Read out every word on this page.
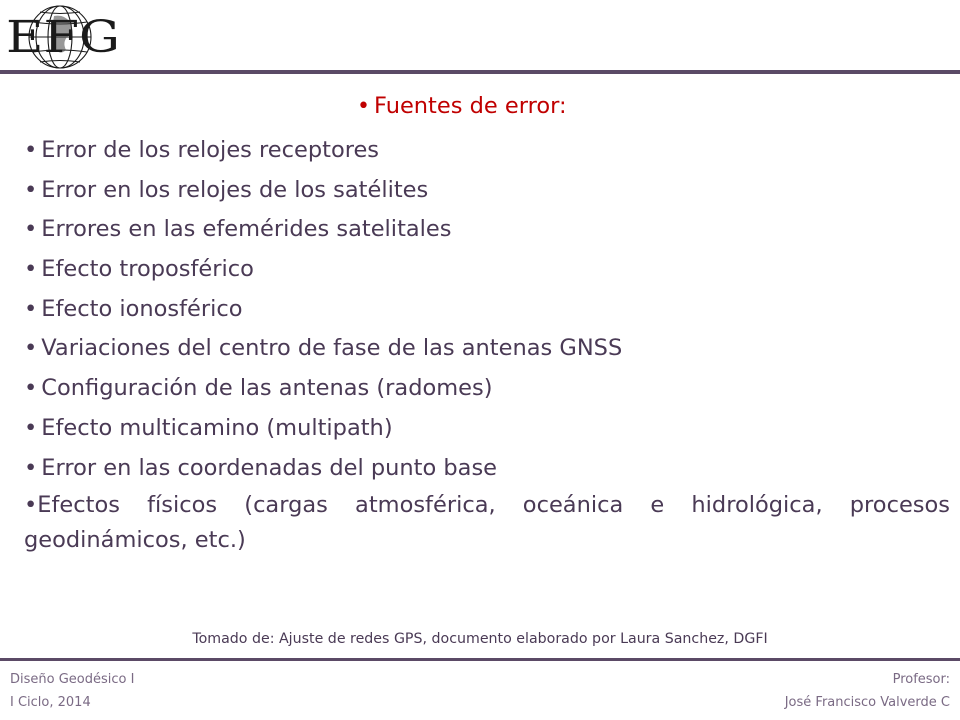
EFG
• Fuentes de error:
• Error de los relojes receptores
• Error en los relojes de los satélites
• Errores en las efemérides satelitales
• Efecto troposférico
• Efecto ionosférico
• Variaciones del centro de fase de las antenas GNSS
• Configuración de las antenas (radomes)
• Efecto multicamino (multipath)
• Error en las coordenadas del punto base
•Efectos físicos (cargas atmosférica, oceánica e hidrológica, procesos geodinámicos, etc.)
Tomado de: Ajuste de redes GPS, documento elaborado por Laura Sanchez, DGFI
Diseño Geodésico I
I Ciclo, 2014
Profesor:
José Francisco Valverde C
